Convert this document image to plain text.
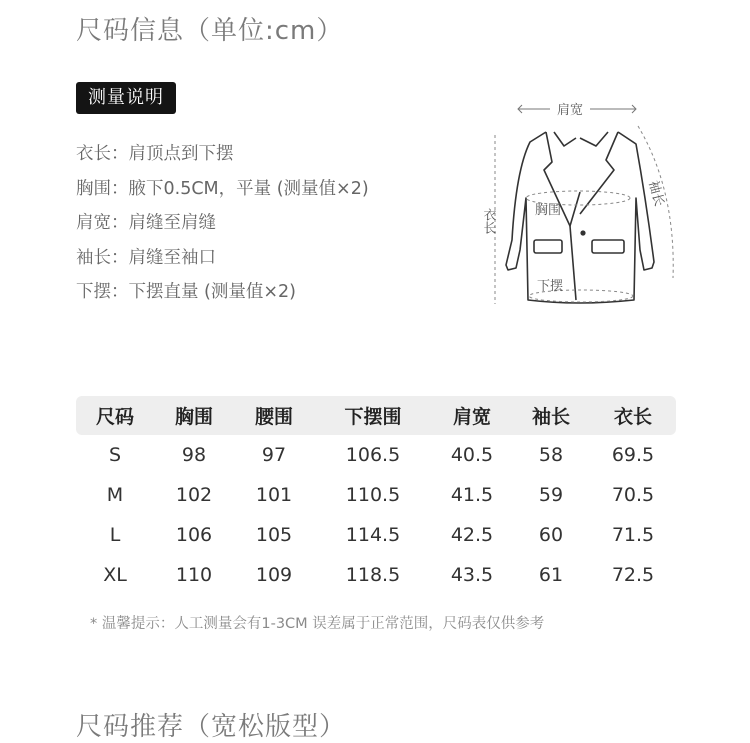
尺码信息（单位:cm）
测量说明
衣长：肩顶点到下摆
胸围：腋下0.5CM，平量 (测量值×2)
肩宽：肩缝至肩缝
袖长：肩缝至袖口
下摆：下摆直量 (测量值×2)
肩宽
袖长
衣长	胸围
下摆
尺码	胸围	腰围	下摆围	肩宽	袖长	衣长
S	98	97	106.5	40.5	58	69.5
M	102	101	110.5	41.5	59	70.5
L	106	105	114.5	42.5	60	71.5
XL	110	109	118.5	43.5	61	72.5
* 温馨提示：人工测量会有1-3CM 误差属于正常范围，尺码表仅供参考
尺码推荐（宽松版型）
